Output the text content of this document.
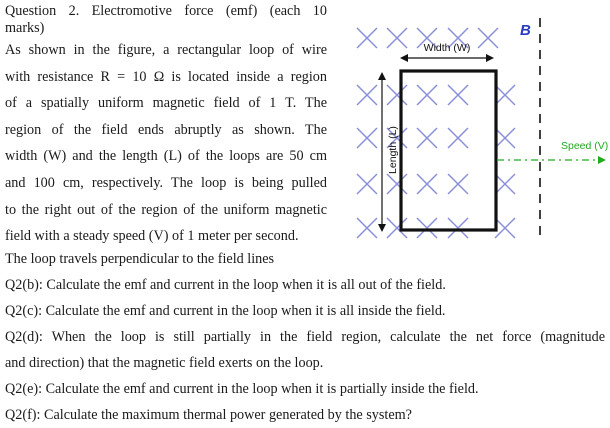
Question 2. Electromotive force (emf) (each 10
marks)
As shown in the figure, a rectangular loop of wire
with resistance R = 10 Ω is located inside a region
of a spatially uniform magnetic field of 1 T. The
region of the field ends abruptly as shown. The
width (W) and the length (L) of the loops are 50 cm
and 100 cm, respectively. The loop is being pulled
to the right out of the region of the uniform magnetic
field with a steady speed (V) of 1 meter per second.
B
Width (W)
Length (L)	Speed (V)
The loop travels perpendicular to the field lines
Q2(b): Calculate the emf and current in the loop when it is all out of the field.
Q2(c): Calculate the emf and current in the loop when it is all inside the field.
Q2(d): When the loop is still partially in the field region, calculate the net force (magnitude
and direction) that the magnetic field exerts on the loop.
Q2(e): Calculate the emf and current in the loop when it is partially inside the field.
Q2(f): Calculate the maximum thermal power generated by the system?
